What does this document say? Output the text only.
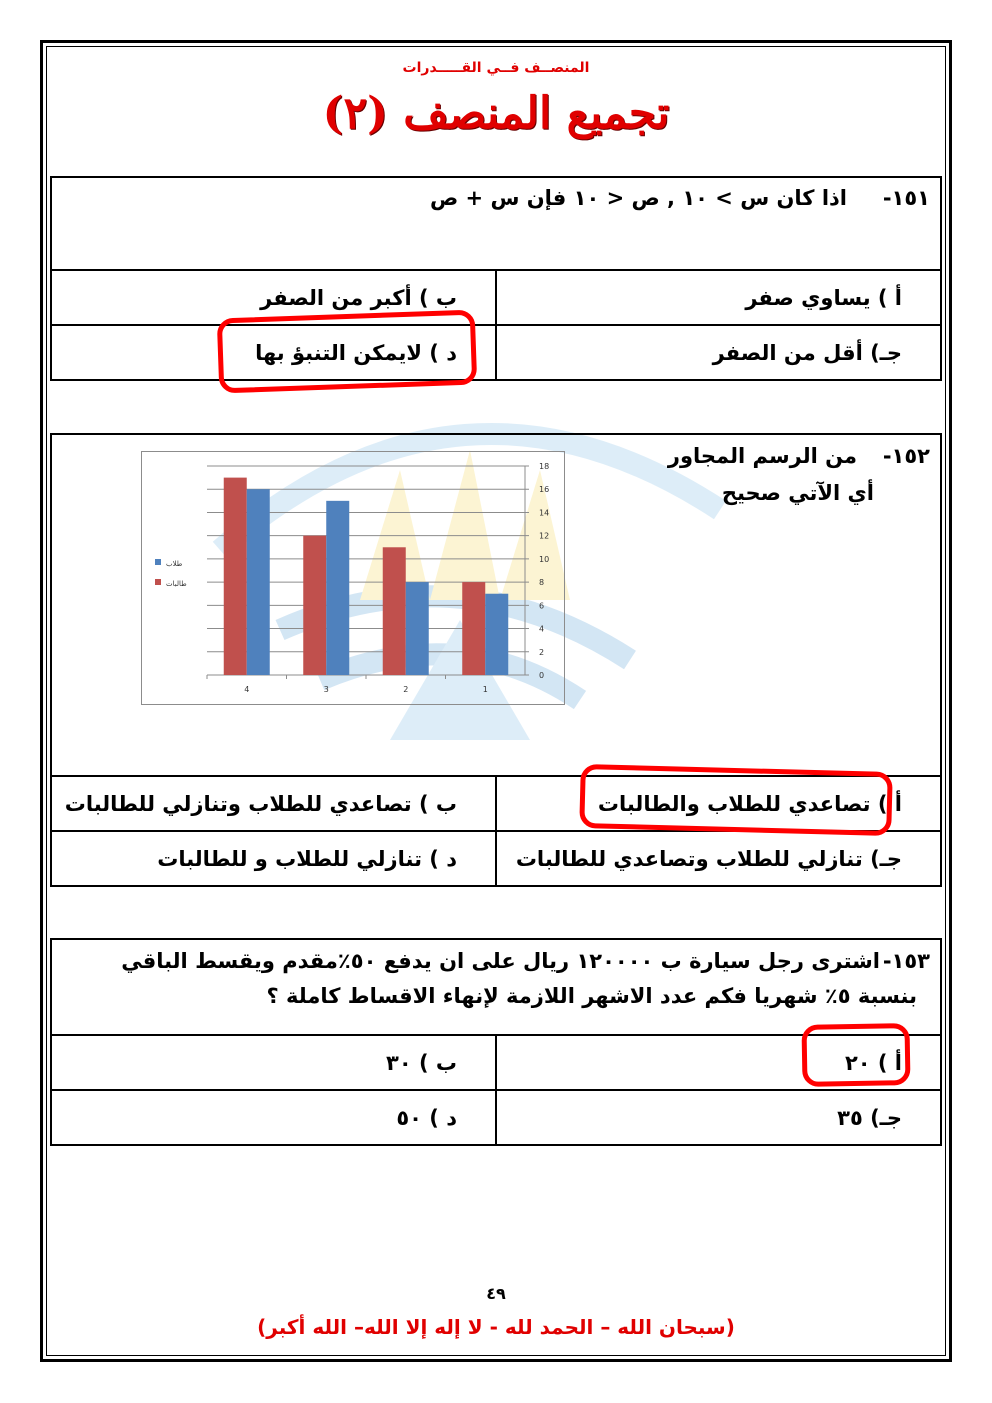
المنصــف فــي القـــــدرات
تجميع المنصف (٢)
١٥١-
اذا كان س > ١٠ , ص < ١٠ فإن س + ص
أ ) يساوي صفر
ب ) أكبر من الصفر
جـ) أقل من الصفر
د ) لايمكن التنبؤ بها
١٥٢-
من الرسم المجاور
أي الآتي صحيح
0
2
4
6
8
10
12
14
16
18
4	3	2	1
طلاب
طالبات
أ ) تصاعدي للطلاب والطالبات
ب ) تصاعدي للطلاب وتنازلي للطالبات
جـ) تنازلي للطلاب وتصاعدي للطالبات
د ) تنازلي للطلاب و للطالبات
١٥٣-
اشترى رجل سيارة ب ١٢٠٠٠٠ ريال على ان يدفع ٥٠٪مقدم ويقسط الباقي
بنسبة ٥٪ شهريا فكم عدد الاشهر اللازمة لإنهاء الاقساط كاملة ؟
أ ) ٢٠
ب ) ٣٠
جـ) ٣٥
د ) ٥٠
٤٩
(سبحان الله – الحمد لله - لا إله إلا الله– الله أكبر)
